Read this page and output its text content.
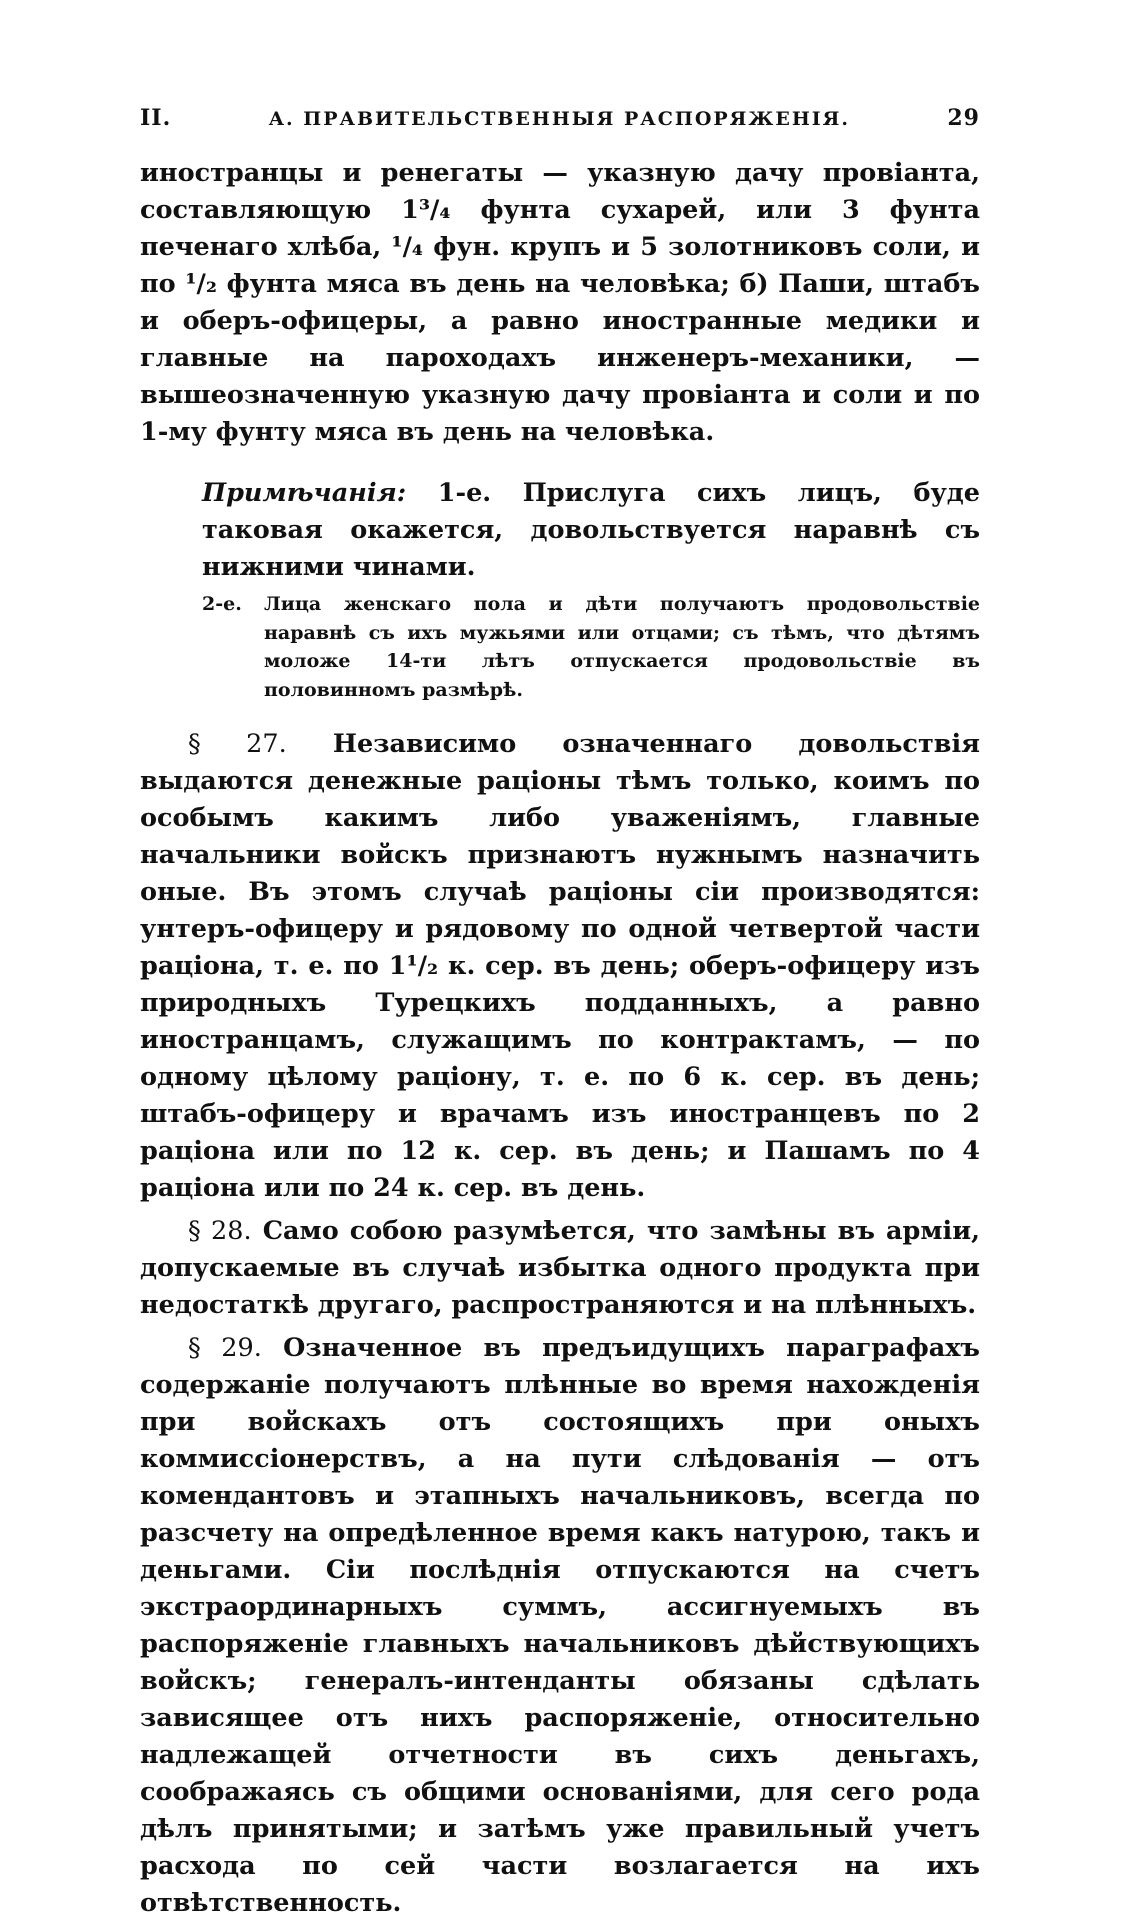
II.	А. ПРАВИТЕЛЬСТВЕННЫЯ РАСПОРЯЖЕНІЯ.	29

иностранцы и ренегаты — указную дачу провіанта, составляющую 1³/₄ фунта сухарей, или 3 фунта печенаго хлѣба, ¹/₄ фун. крупъ и 5 золотниковъ соли, и по ¹/₂ фунта мяса въ день на человѣка; б) Паши, штабъ и оберъ-офицеры, а равно иностранные медики и главные на пароходахъ инженеръ-механики, — вышеозначенную указную дачу провіанта и соли и по 1-му фунту мяса въ день на человѣка.

Примѣчанія: 1-е. Прислуга сихъ лицъ, буде таковая окажется, довольствуется наравнѣ съ нижними чинами.

2-е.	Лица женскаго пола и дѣти получаютъ продовольствіе наравнѣ съ ихъ мужьями или отцами; съ тѣмъ, что дѣтямъ моложе 14-ти лѣтъ отпускается продовольствіе въ половинномъ размѣрѣ.

§ 27. Независимо означеннаго довольствія выдаются денежные раціоны тѣмъ только, коимъ по особымъ какимъ либо уваженіямъ, главные начальники войскъ признаютъ нужнымъ назначить оные. Въ этомъ случаѣ раціоны сіи производятся: унтеръ-офицеру и рядовому по одной четвертой части раціона, т. е. по 1¹/₂ к. сер. въ день; оберъ-офицеру изъ природныхъ Турецкихъ подданныхъ, а равно иностранцамъ, служащимъ по контрактамъ, — по одному цѣлому раціону, т. е. по 6 к. сер. въ день; штабъ-офицеру и врачамъ изъ иностранцевъ по 2 раціона или по 12 к. сер. въ день; и Пашамъ по 4 раціона или по 24 к. сер. въ день.

§ 28. Само собою разумѣется, что замѣны въ арміи, допускаемые въ случаѣ избытка одного продукта при недостаткѣ другаго, распространяются и на плѣнныхъ.

§ 29. Означенное въ предъидущихъ параграфахъ содержаніе получаютъ плѣнные во время нахожденія при войскахъ отъ состоящихъ при оныхъ коммиссіонерствъ, а на пути слѣдованія — отъ комендантовъ и этапныхъ начальниковъ, всегда по разсчету на опредѣленное время какъ натурою, такъ и деньгами. Сіи послѣднія отпускаются на счетъ экстраординарныхъ суммъ, ассигнуемыхъ въ распоряженіе главныхъ начальниковъ дѣйствующихъ войскъ; генералъ-интенданты обязаны сдѣлать зависящее отъ нихъ распоряженіе, относительно надлежащей отчетности въ сихъ деньгахъ, соображаясь съ общими основаніями, для сего рода дѣлъ принятыми; и затѣмъ уже правильный учетъ расхода по сей части возлагается на ихъ отвѣтственность.
